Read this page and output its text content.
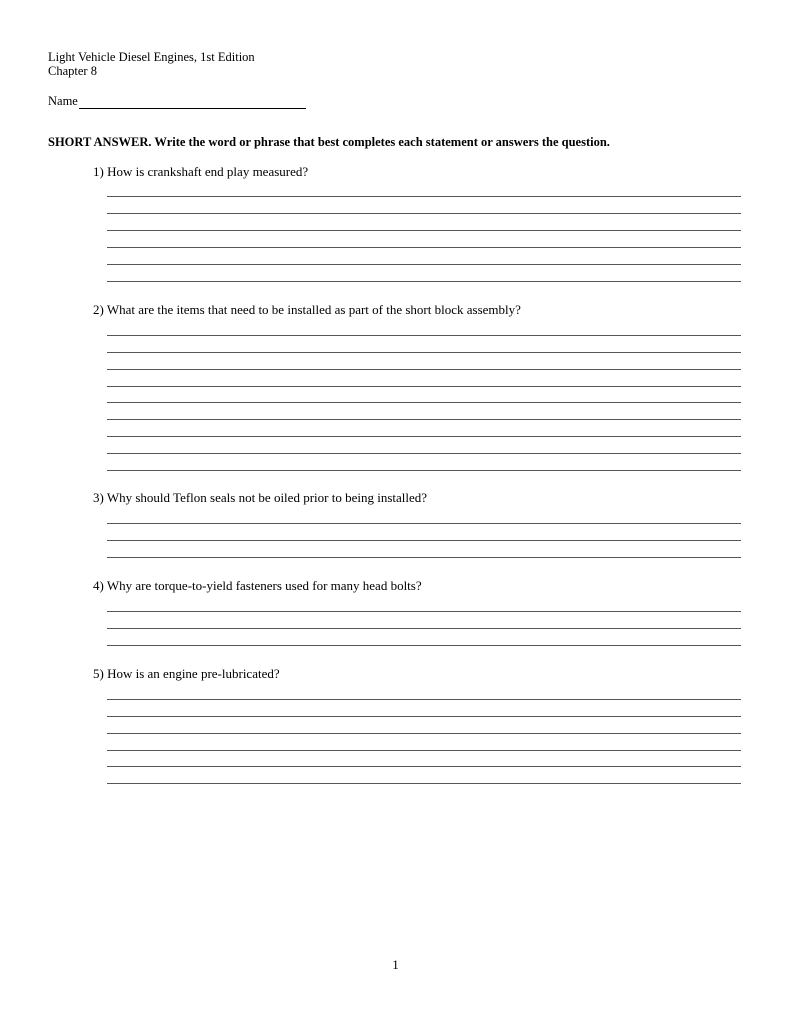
Light Vehicle Diesel Engines, 1st Edition
Chapter 8
Name
SHORT ANSWER. Write the word or phrase that best completes each statement or answers the question.
1) How is crankshaft end play measured?
2) What are the items that need to be installed as part of the short block assembly?
3) Why should Teflon seals not be oiled prior to being installed?
4) Why are torque-to-yield fasteners used for many head bolts?
5) How is an engine pre-lubricated?
1
